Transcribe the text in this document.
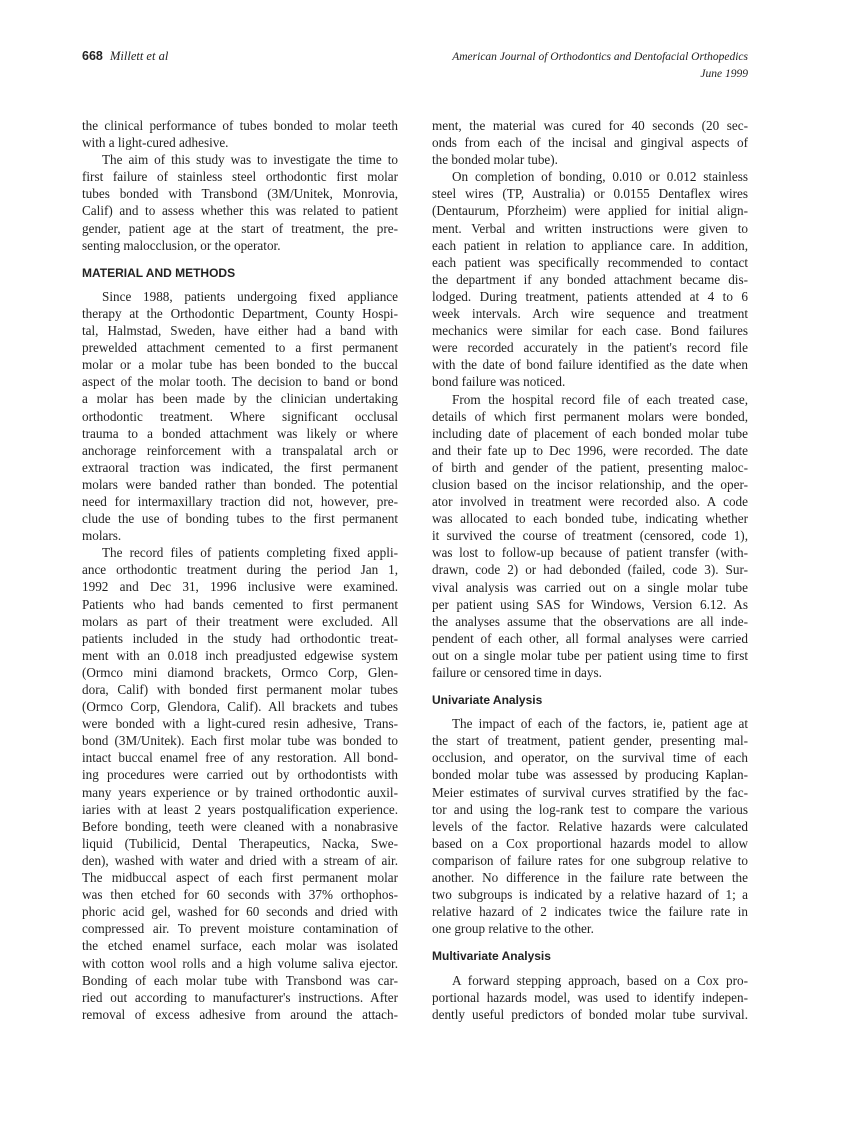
668 Millett et al	American Journal of Orthodontics and Dentofacial Orthopedics
June 1999
the clinical performance of tubes bonded to molar teeth
with a light-cured adhesive.
The aim of this study was to investigate the time to
first failure of stainless steel orthodontic first molar
tubes bonded with Transbond (3M/Unitek, Monrovia,
Calif) and to assess whether this was related to patient
gender, patient age at the start of treatment, the pre-
senting malocclusion, or the operator.
MATERIAL AND METHODS
Since 1988, patients undergoing fixed appliance
therapy at the Orthodontic Department, County Hospi-
tal, Halmstad, Sweden, have either had a band with
prewelded attachment cemented to a first permanent
molar or a molar tube has been bonded to the buccal
aspect of the molar tooth. The decision to band or bond
a molar has been made by the clinician undertaking
orthodontic treatment. Where significant occlusal
trauma to a bonded attachment was likely or where
anchorage reinforcement with a transpalatal arch or
extraoral traction was indicated, the first permanent
molars were banded rather than bonded. The potential
need for intermaxillary traction did not, however, pre-
clude the use of bonding tubes to the first permanent
molars.
The record files of patients completing fixed appli-
ance orthodontic treatment during the period Jan 1,
1992 and Dec 31, 1996 inclusive were examined.
Patients who had bands cemented to first permanent
molars as part of their treatment were excluded. All
patients included in the study had orthodontic treat-
ment with an 0.018 inch preadjusted edgewise system
(Ormco mini diamond brackets, Ormco Corp, Glen-
dora, Calif) with bonded first permanent molar tubes
(Ormco Corp, Glendora, Calif). All brackets and tubes
were bonded with a light-cured resin adhesive, Trans-
bond (3M/Unitek). Each first molar tube was bonded to
intact buccal enamel free of any restoration. All bond-
ing procedures were carried out by orthodontists with
many years experience or by trained orthodontic auxil-
iaries with at least 2 years postqualification experience.
Before bonding, teeth were cleaned with a nonabrasive
liquid (Tubilicid, Dental Therapeutics, Nacka, Swe-
den), washed with water and dried with a stream of air.
The midbuccal aspect of each first permanent molar
was then etched for 60 seconds with 37% orthophos-
phoric acid gel, washed for 60 seconds and dried with
compressed air. To prevent moisture contamination of
the etched enamel surface, each molar was isolated
with cotton wool rolls and a high volume saliva ejector.
Bonding of each molar tube with Transbond was car-
ried out according to manufacturer's instructions. After
removal of excess adhesive from around the attach-
ment, the material was cured for 40 seconds (20 sec-
onds from each of the incisal and gingival aspects of
the bonded molar tube).
On completion of bonding, 0.010 or 0.012 stainless
steel wires (TP, Australia) or 0.0155 Dentaflex wires
(Dentaurum, Pforzheim) were applied for initial align-
ment. Verbal and written instructions were given to
each patient in relation to appliance care. In addition,
each patient was specifically recommended to contact
the department if any bonded attachment became dis-
lodged. During treatment, patients attended at 4 to 6
week intervals. Arch wire sequence and treatment
mechanics were similar for each case. Bond failures
were recorded accurately in the patient's record file
with the date of bond failure identified as the date when
bond failure was noticed.
From the hospital record file of each treated case,
details of which first permanent molars were bonded,
including date of placement of each bonded molar tube
and their fate up to Dec 1996, were recorded. The date
of birth and gender of the patient, presenting maloc-
clusion based on the incisor relationship, and the oper-
ator involved in treatment were recorded also. A code
was allocated to each bonded tube, indicating whether
it survived the course of treatment (censored, code 1),
was lost to follow-up because of patient transfer (with-
drawn, code 2) or had debonded (failed, code 3). Sur-
vival analysis was carried out on a single molar tube
per patient using SAS for Windows, Version 6.12. As
the analyses assume that the observations are all inde-
pendent of each other, all formal analyses were carried
out on a single molar tube per patient using time to first
failure or censored time in days.
Univariate Analysis
The impact of each of the factors, ie, patient age at
the start of treatment, patient gender, presenting mal-
occlusion, and operator, on the survival time of each
bonded molar tube was assessed by producing Kaplan-
Meier estimates of survival curves stratified by the fac-
tor and using the log-rank test to compare the various
levels of the factor. Relative hazards were calculated
based on a Cox proportional hazards model to allow
comparison of failure rates for one subgroup relative to
another. No difference in the failure rate between the
two subgroups is indicated by a relative hazard of 1; a
relative hazard of 2 indicates twice the failure rate in
one group relative to the other.
Multivariate Analysis
A forward stepping approach, based on a Cox pro-
portional hazards model, was used to identify indepen-
dently useful predictors of bonded molar tube survival.
